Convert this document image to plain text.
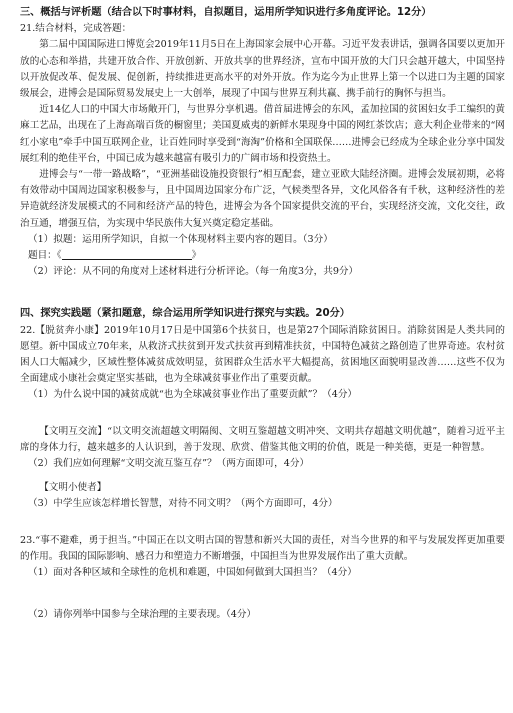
三、概括与评析题（结合以下时事材料，自拟题目，运用所学知识进行多角度评论。12分）
21.结合材料，完成答题：

第二届中国国际进口博览会2019年11月5日在上海国家会展中心开幕。习近平发表讲话，强调各国要以更加开放的心态和举措，共建开放合作、开放创新、开放共享的世界经济，宣布中国开放的大门只会越开越大，中国坚持以开放促改革、促发展、促创新，持续推进更高水平的对外开放。作为迄今为止世界上第一个以进口为主题的国家级展会，进博会是国际贸易发展史上一大创举，展现了中国与世界互利共赢、携手前行的胸怀与担当。

近14亿人口的中国大市场敞开门，与世界分享机遇。借首届进博会的东风，孟加拉国的贫困妇女手工编织的黄麻工艺品，出现在了上海高端百货的橱窗里；美国夏威夷的新鲜水果现身中国的网红茶饮店；意大利企业带来的“网红小家电”牵手中国互联网企业，让百姓同时享受到“海淘”价格和全国联保……进博会已经成为全球企业分享中国发展红利的绝佳平台，中国已成为越来越富有吸引力的广阔市场和投资热土。

进博会与“一带一路战略”，“亚洲基础设施投资银行”相互配套，建立亚欧大陆经济圈。进博会发展初期，必将有效带动中国周边国家积极参与，且中国周边国家分布广泛，气候类型各异，文化风俗各有千秋，这种经济性的差异造就经济发展模式的不同和经济产品的特色，进博会为各个国家提供交流的平台，实现经济交流，文化交往，政治互通，增强互信，为实现中华民族伟大复兴奠定稳定基础。

（1）拟题：运用所学知识，自拟一个体现材料主要内容的题目。（3分）
题目：《	》
（2）评论：从不同的角度对上述材料进行分析评论。（每一角度3分，共9分）
四、探究实践题（紧扣题意，综合运用所学知识进行探究与实践。20分）

22.【脱贫奔小康】2019年10月17日是中国第6个扶贫日，也是第27个国际消除贫困日。消除贫困是人类共同的愿望。新中国成立70年来，从救济式扶贫到开发式扶贫再到精准扶贫，中国特色减贫之路创造了世界奇迹。农村贫困人口大幅减少，区域性整体减贫成效明显，贫困群众生活水平大幅提高，贫困地区面貌明显改善……这些不仅为全面建成小康社会奠定坚实基础，也为全球减贫事业作出了重要贡献。

（1）为什么说中国的减贫成就“也为全球减贫事业作出了重要贡献”？（4分）

【文明互交流】“以文明交流超越文明隔阂、文明互鉴超越文明冲突、文明共存超越文明优越”，随着习近平主席的身体力行，越来越多的人认识到，善于发现、欣赏、借鉴其他文明的价值，既是一种美德，更是一种智慧。

（2）我们应如何理解“文明交流互鉴互存”？（两方面即可，4分）
【文明小使者】
（3）中学生应该怎样增长智慧，对待不同文明？（两个方面即可，4分）

23.“事不避难，勇于担当。”中国正在以文明古国的智慧和新兴大国的责任，对当今世界的和平与发展发挥更加重要的作用。我国的国际影响、感召力和塑造力不断增强，中国担当为世界发展作出了重大贡献。

（1）面对各种区域和全球性的危机和难题，中国如何做到大国担当？（4分）
（2）请你列举中国参与全球治理的主要表现。（4分）
